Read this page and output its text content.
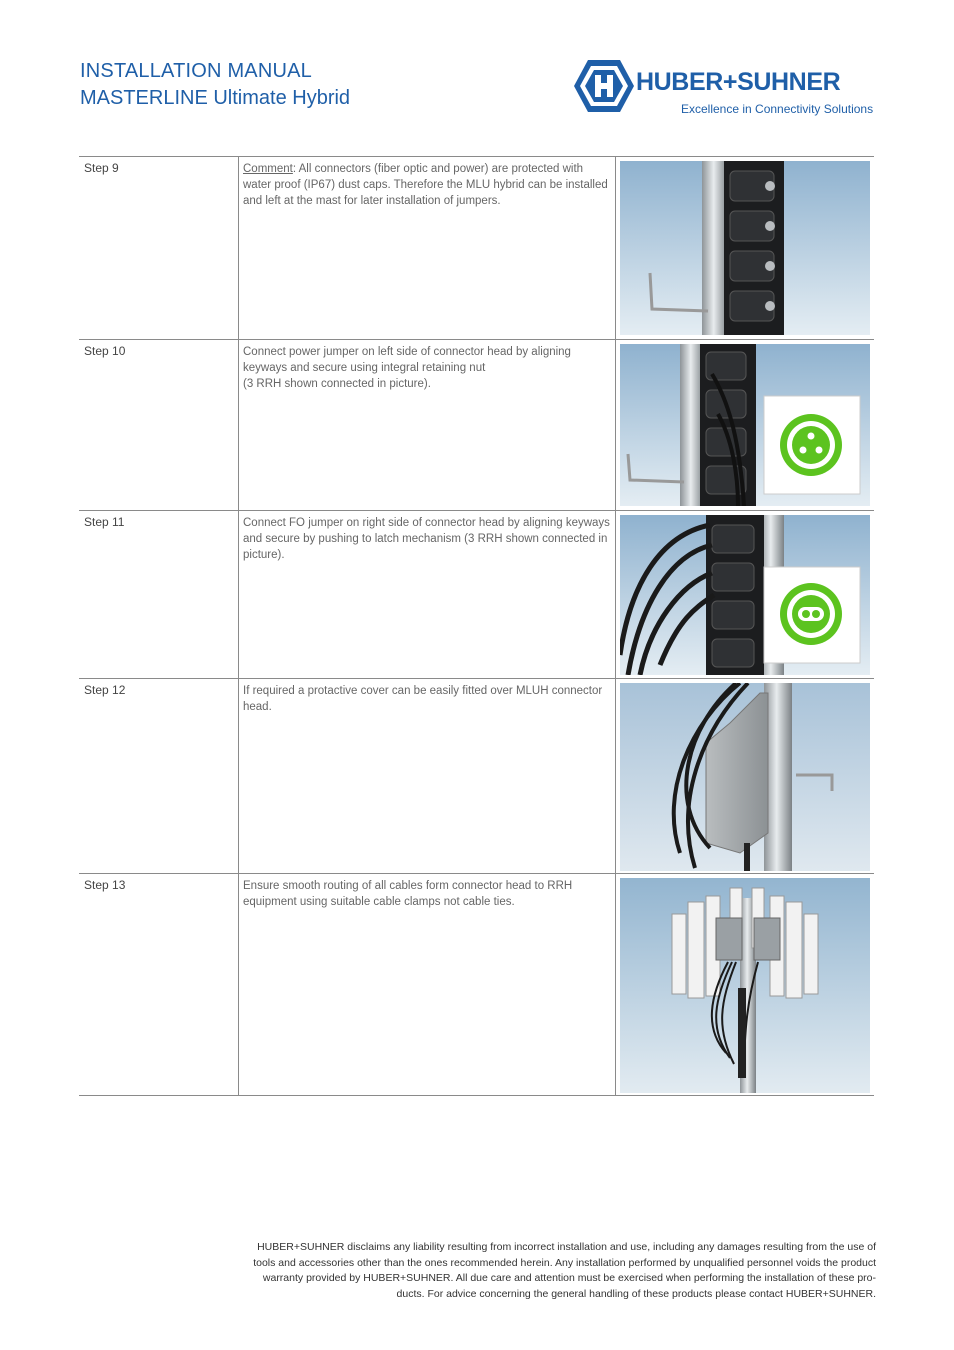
INSTALLATION MANUAL
MASTERLINE Ultimate Hybrid
HUBER+SUHNER
Excellence in Connectivity Solutions
Step 9	Comment: All connectors (fiber optic and power) are protected with water proof (IP67) dust caps. Therefore the MLU hybrid can be installed and left at the mast for later installation of jumpers.
Step 10	Connect power jumper on left side of connector head by aligning keyways and secure using integral retaining nut
(3 RRH shown connected in picture).
Step 11	Connect FO jumper on right side of connector head by aligning keyways and secure by pushing to latch mechanism (3 RRH shown connected in picture).
Step 12	If required a protactive cover can be easily fitted over MLUH connector head.
Step 13	Ensure smooth routing of all cables form connector head to RRH equipment using suitable cable clamps not cable ties.
HUBER+SUHNER disclaims any liability resulting from incorrect installation and use, including any damages resulting from the use of
tools and accessories other than the ones recommended herein. Any installation performed by unqualified personnel voids the product
warranty provided by HUBER+SUHNER. All due care and attention must be exercised when performing the installation of these pro-
ducts. For advice concerning the general handling of these products please contact HUBER+SUHNER.
